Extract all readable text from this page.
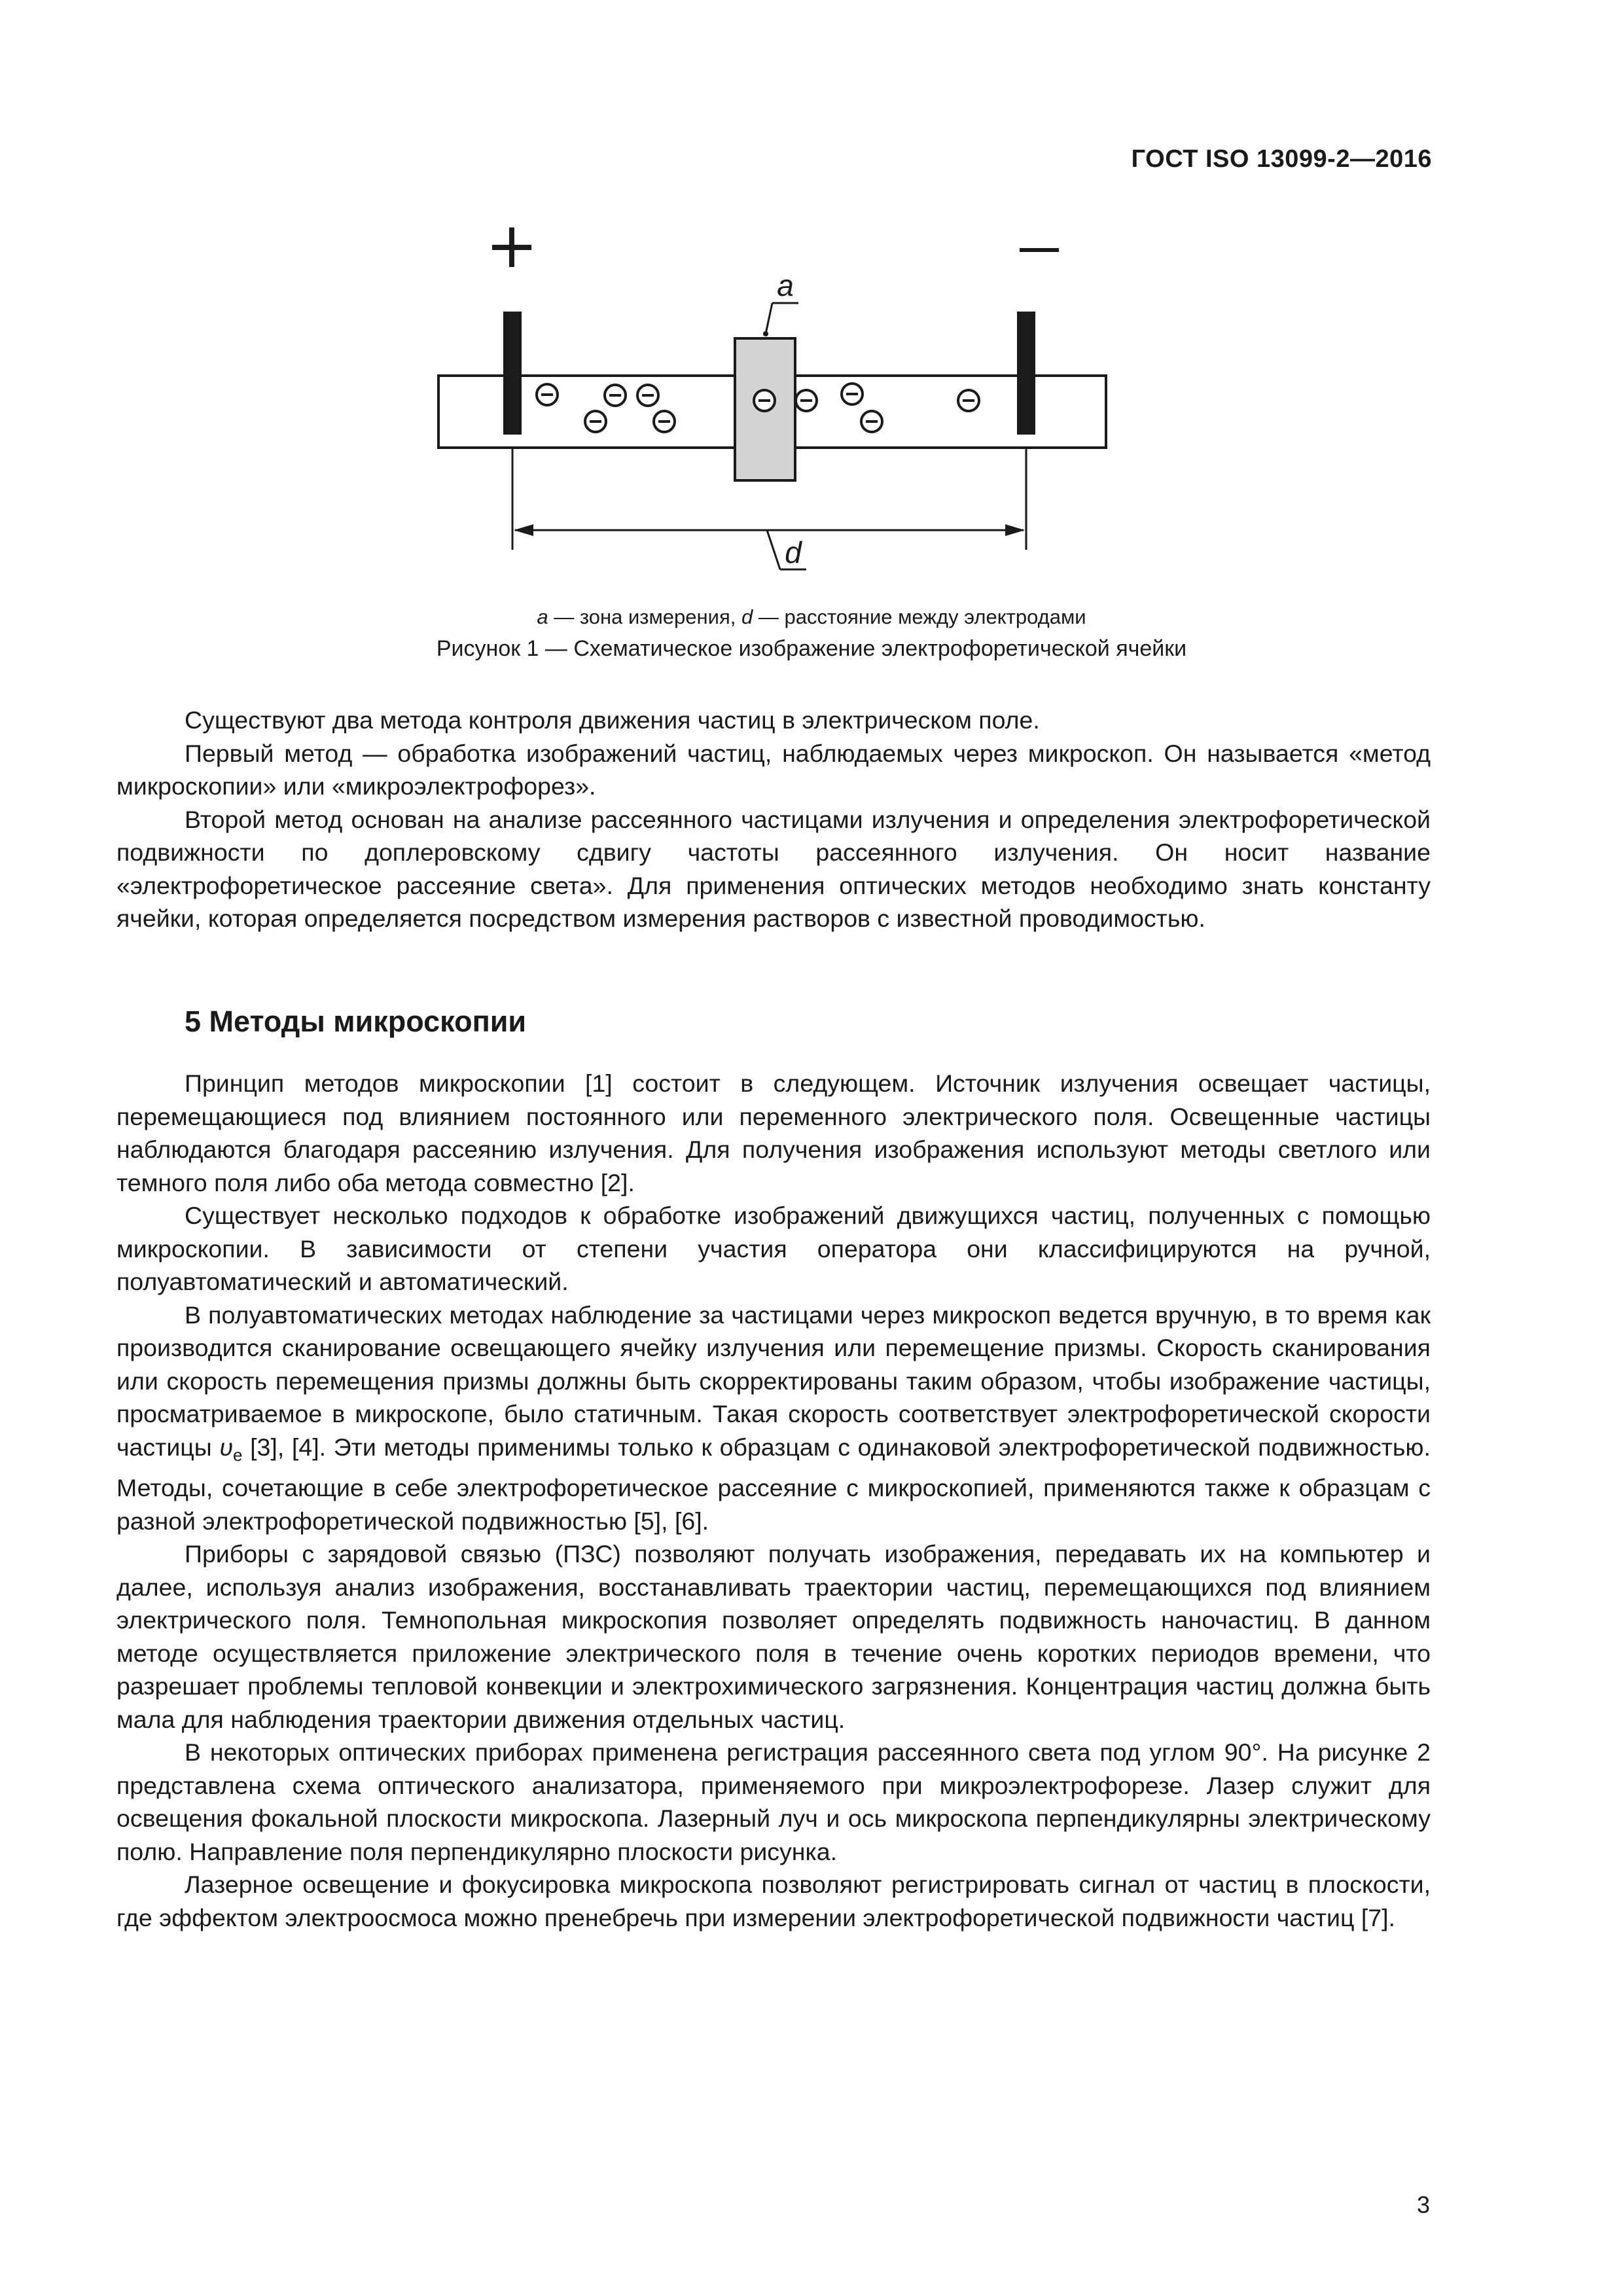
ГОСТ ISO 13099-2—2016
+
a
d
a — зона измерения, d — расстояние между электродами
Рисунок 1 — Схематическое изображение электрофоретической ячейки

Существуют два метода контроля движения частиц в электрическом поле.

Первый метод — обработка изображений частиц, наблюдаемых через микроскоп. Он называется «метод микроскопии» или «микроэлектрофорез».

Второй метод основан на анализе рассеянного частицами излучения и определения электрофоретической подвижности по доплеровскому сдвигу частоты рассеянного излучения. Он носит название «электрофоретическое рассеяние света». Для применения оптических методов необходимо знать константу ячейки, которая определяется посредством измерения растворов с известной проводимостью.

5 Методы микроскопии

Принцип методов микроскопии [1] состоит в следующем. Источник излучения освещает частицы, перемещающиеся под влиянием постоянного или переменного электрического поля. Освещенные частицы наблюдаются благодаря рассеянию излучения. Для получения изображения используют методы светлого или темного поля либо оба метода совместно [2].

Существует несколько подходов к обработке изображений движущихся частиц, полученных с помощью микроскопии. В зависимости от степени участия оператора они классифицируются на ручной, полуавтоматический и автоматический.

В полуавтоматических методах наблюдение за частицами через микроскоп ведется вручную, в то время как производится сканирование освещающего ячейку излучения или перемещение призмы. Скорость сканирования или скорость перемещения призмы должны быть скорректированы таким образом, чтобы изображение частицы, просматриваемое в микроскопе, было статичным. Такая скорость соответствует электрофоретической скорости частицы $\upsilon_e$ [3], [4]. Эти методы применимы только к образцам с одинаковой электрофоретической подвижностью. Методы, сочетающие в себе электрофоретическое рассеяние с микроскопией, применяются также к образцам с разной электрофоретической подвижностью [5], [6].

Приборы с зарядовой связью (ПЗС) позволяют получать изображения, передавать их на компьютер и далее, используя анализ изображения, восстанавливать траектории частиц, перемещающихся под влиянием электрического поля. Темнопольная микроскопия позволяет определять подвижность наночастиц. В данном методе осуществляется приложение электрического поля в течение очень коротких периодов времени, что разрешает проблемы тепловой конвекции и электрохимического загрязнения. Концентрация частиц должна быть мала для наблюдения траектории движения отдельных частиц.

В некоторых оптических приборах применена регистрация рассеянного света под углом 90°. На рисунке 2 представлена схема оптического анализатора, применяемого при микроэлектрофорезе. Лазер служит для освещения фокальной плоскости микроскопа. Лазерный луч и ось микроскопа перпендикулярны электрическому полю. Направление поля перпендикулярно плоскости рисунка.

Лазерное освещение и фокусировка микроскопа позволяют регистрировать сигнал от частиц в плоскости, где эффектом электроосмоса можно пренебречь при измерении электрофоретической подвижности частиц [7].

3
